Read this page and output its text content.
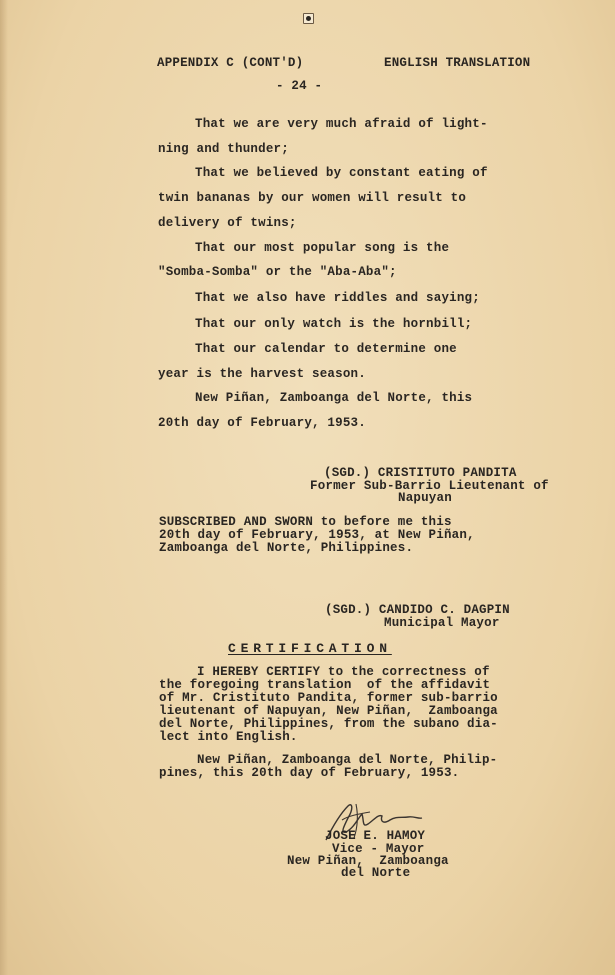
APPENDIX C (CONT'D)	ENGLISH TRANSLATION
- 24 -
That we are very much afraid of light-
ning and thunder;
That we believed by constant eating of
twin bananas by our women will result to
delivery of twins;
That our most popular song is the
"Somba-Somba" or the "Aba-Aba";
That we also have riddles and saying;
That our only watch is the hornbill;
That our calendar to determine one
year is the harvest season.
New Piñan, Zamboanga del Norte, this
20th day of February, 1953.
(SGD.) CRISTITUTO PANDITA
Former Sub-Barrio Lieutenant of
Napuyan
SUBSCRIBED AND SWORN to before me this
20th day of February, 1953, at New Piñan,
Zamboanga del Norte, Philippines.
(SGD.) CANDIDO C. DAGPIN
Municipal Mayor
CERTIFICATION
I HEREBY CERTIFY to the correctness of
the foregoing translation  of the affidavit
of Mr. Cristituto Pandita, former sub-barrio
lieutenant of Napuyan, New Piñan,  Zamboanga
del Norte, Philippines, from the subano dia-
lect into English.
New Piñan, Zamboanga del Norte, Philip-
pines, this 20th day of February, 1953.
JOSE E. HAMOY
Vice - Mayor
New Piñan,  Zamboanga
del Norte
